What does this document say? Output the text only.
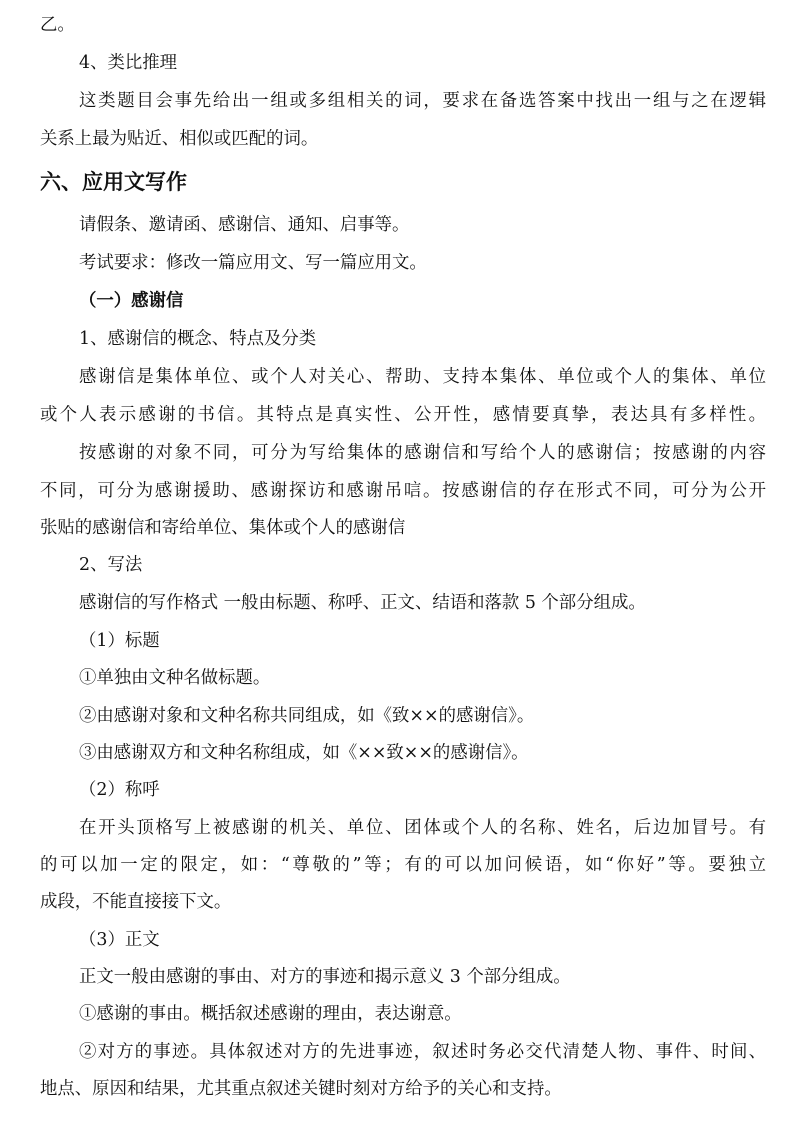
乙。
4、类比推理
这类题目会事先给出一组或多组相关的词，要求在备选答案中找出一组与之在逻辑
关系上最为贴近、相似或匹配的词。
六、应用文写作
请假条、邀请函、感谢信、通知、启事等。
考试要求：修改一篇应用文、写一篇应用文。
（一）感谢信
1、感谢信的概念、特点及分类
感谢信是集体单位、或个人对关心、帮助、支持本集体、单位或个人的集体、单位
或个人表示感谢的书信。其特点是真实性、公开性，感情要真挚，表达具有多样性。
按感谢的对象不同，可分为写给集体的感谢信和写给个人的感谢信；按感谢的内容
不同，可分为感谢援助、感谢探访和感谢吊唁。按感谢信的存在形式不同，可分为公开
张贴的感谢信和寄给单位、集体或个人的感谢信
2、写法
感谢信的写作格式 一般由标题、称呼、正文、结语和落款 5 个部分组成。
（1）标题
①单独由文种名做标题。
②由感谢对象和文种名称共同组成，如《致××的感谢信》。
③由感谢双方和文种名称组成，如《××致××的感谢信》。
（2）称呼
在开头顶格写上被感谢的机关、单位、团体或个人的名称、姓名，后边加冒号。有
的可以加一定的限定，如：“尊敬的”等；有的可以加问候语，如“你好”等。要独立
成段，不能直接接下文。
（3）正文
正文一般由感谢的事由、对方的事迹和揭示意义 3 个部分组成。
①感谢的事由。概括叙述感谢的理由，表达谢意。
②对方的事迹。具体叙述对方的先进事迹，叙述时务必交代清楚人物、事件、时间、
地点、原因和结果，尤其重点叙述关键时刻对方给予的关心和支持。
